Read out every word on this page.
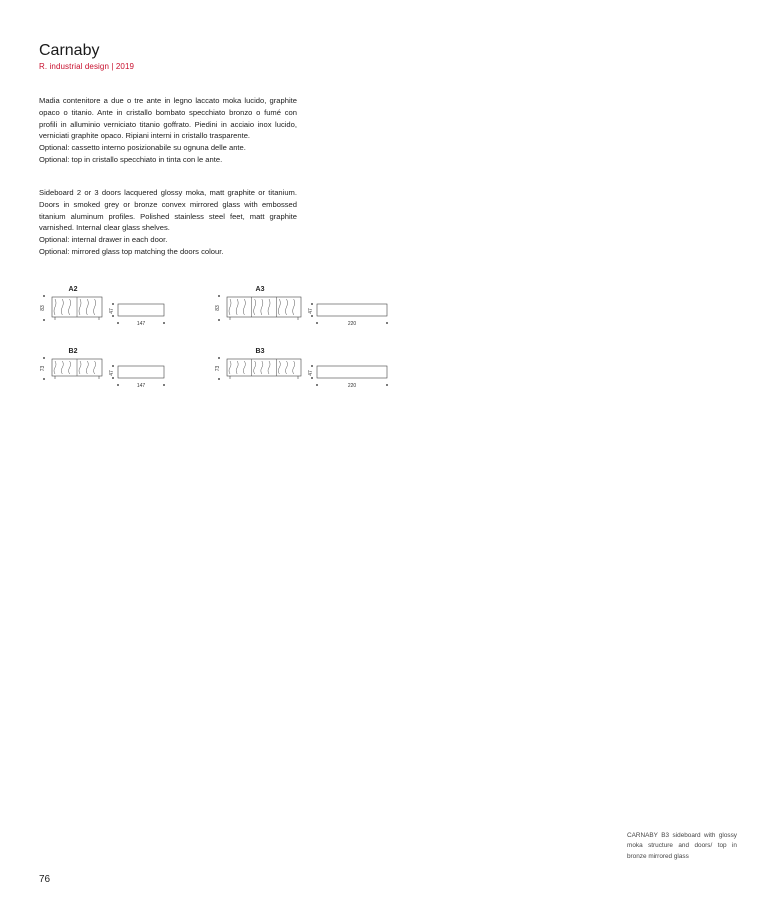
Carnaby
R. industrial design | 2019

Madia contenitore a due o tre ante in legno laccato moka lucido, graphite opaco o titanio. Ante in cristallo bombato specchiato bronzo o fumé con profili in alluminio verniciato titanio goffrato. Piedini in acciaio inox lucido, verniciati graphite opaco. Ripiani interni in cristallo trasparente.

Optional: cassetto interno posizionabile su ognuna delle ante.

Optional: top in cristallo specchiato in tinta con le ante.

Sideboard 2 or 3 doors lacquered glossy moka, matt graphite or titanium. Doors in smoked grey or bronze convex mirrored glass with embossed titanium aluminum profiles. Polished stainless steel feet, matt graphite varnished. Internal clear glass shelves.

Optional: internal drawer in each door.

Optional: mirrored glass top matching the doors colour.

A2
83
47
147
A3
83
47
220
B2
73
47
147
B3
73
47
220
76
CARNABY B3 sideboard with glossy moka structure and doors/ top in bronze mirrored glass
